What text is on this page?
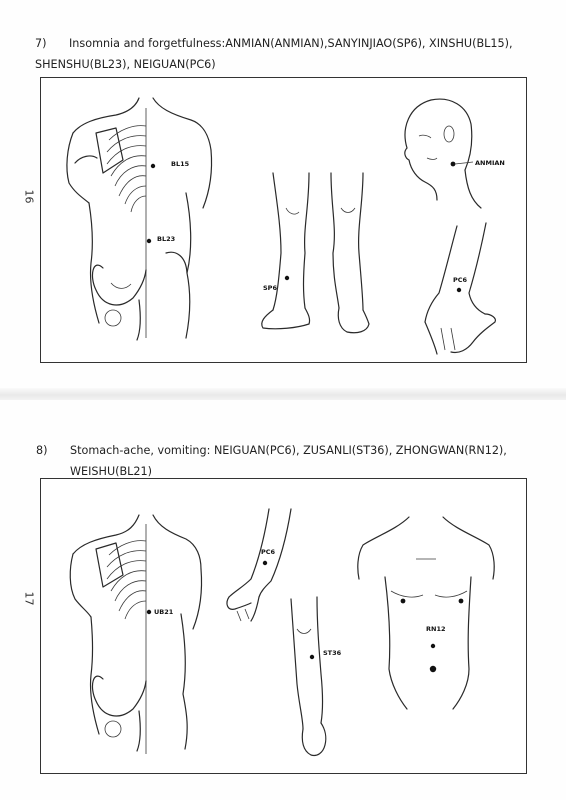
7) Insomnia and forgetfulness:ANMIAN(ANMIAN),SANYINJIAO(SP6), XINSHU(BL15),
SHENSHU(BL23), NEIGUAN(PC6)
16
BL15
BL23
SP6
ANMIAN
PC6
8) Stomach-ache, vomiting: NEIGUAN(PC6), ZUSANLI(ST36), ZHONGWAN(RN12),
WEISHU(BL21)
17
UB21
PC6
ST36
RN12
